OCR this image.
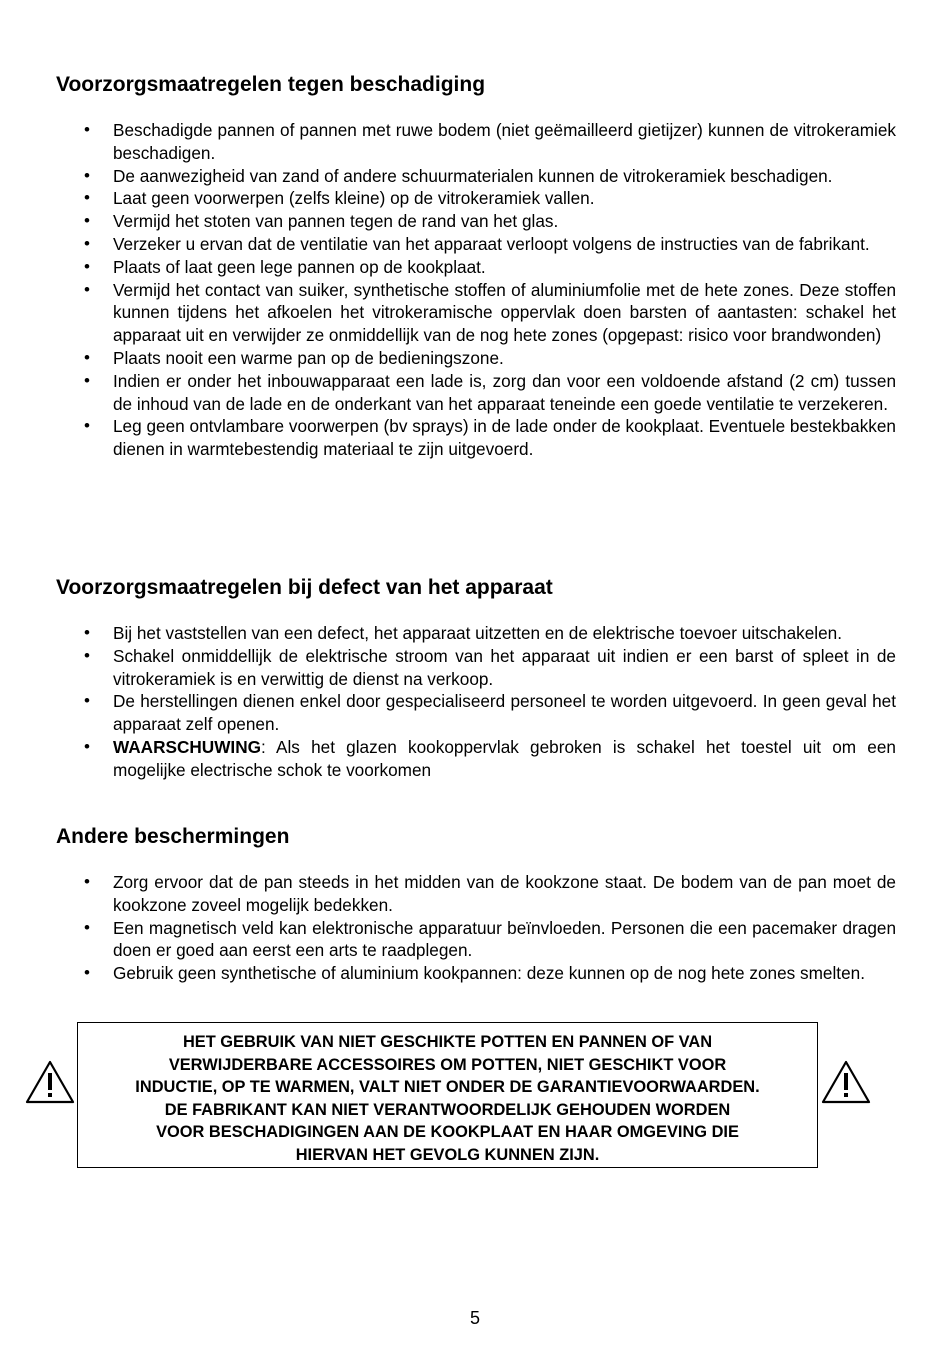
Voorzorgsmaatregelen tegen beschadiging
• Beschadigde pannen of pannen met ruwe bodem (niet geëmailleerd gietijzer) kunnen de vitrokeramiek beschadigen.
• De aanwezigheid van zand of andere schuurmaterialen kunnen de vitrokeramiek beschadigen.
• Laat geen voorwerpen (zelfs kleine) op de vitrokeramiek vallen.
• Vermijd het stoten van pannen tegen de rand van het glas.
• Verzeker u ervan dat de ventilatie van het apparaat verloopt volgens de instructies van de fabrikant.
• Plaats of laat geen lege pannen op de kookplaat.
• Vermijd het contact van suiker, synthetische stoffen of aluminiumfolie met de hete zones. Deze stoffen kunnen tijdens het afkoelen het vitrokeramische oppervlak doen barsten of aantasten: schakel het apparaat uit en verwijder ze onmiddellijk van de nog hete zones (opgepast: risico voor brandwonden)
• Plaats nooit een warme pan op de bedieningszone.
• Indien er onder het inbouwapparaat een lade is, zorg dan voor een voldoende afstand (2 cm) tussen de inhoud van de lade en de onderkant van het apparaat teneinde een goede ventilatie te verzekeren.
• Leg geen ontvlambare voorwerpen (bv sprays) in de lade onder de kookplaat. Eventuele bestekbakken dienen in warmtebestendig materiaal te zijn uitgevoerd.
Voorzorgsmaatregelen bij defect van het apparaat
• Bij het vaststellen van een defect, het apparaat uitzetten en de elektrische toevoer uitschakelen.
• Schakel onmiddellijk de elektrische stroom van het apparaat uit indien er een barst of spleet in de vitrokeramiek is en verwittig de dienst na verkoop.
• De herstellingen dienen enkel door gespecialiseerd personeel te worden uitgevoerd. In geen geval het apparaat zelf openen.
• WAARSCHUWING: Als het glazen kookoppervlak gebroken is schakel het toestel uit om een mogelijke electrische schok te voorkomen
Andere beschermingen
• Zorg ervoor dat de pan steeds in het midden van de kookzone staat. De bodem van de pan moet de kookzone zoveel mogelijk bedekken.
• Een magnetisch veld kan elektronische apparatuur beïnvloeden. Personen die een pacemaker dragen doen er goed aan eerst een arts te raadplegen.
• Gebruik geen synthetische of aluminium kookpannen: deze kunnen op de nog hete zones smelten.
HET GEBRUIK VAN NIET GESCHIKTE POTTEN EN PANNEN OF VAN
VERWIJDERBARE ACCESSOIRES OM POTTEN, NIET GESCHIKT VOOR
INDUCTIE, OP TE WARMEN, VALT NIET ONDER DE GARANTIEVOORWAARDEN.
DE FABRIKANT KAN NIET VERANTWOORDELIJK GEHOUDEN WORDEN
VOOR BESCHADIGINGEN AAN DE KOOKPLAAT EN HAAR OMGEVING DIE
HIERVAN HET GEVOLG KUNNEN ZIJN.
5
